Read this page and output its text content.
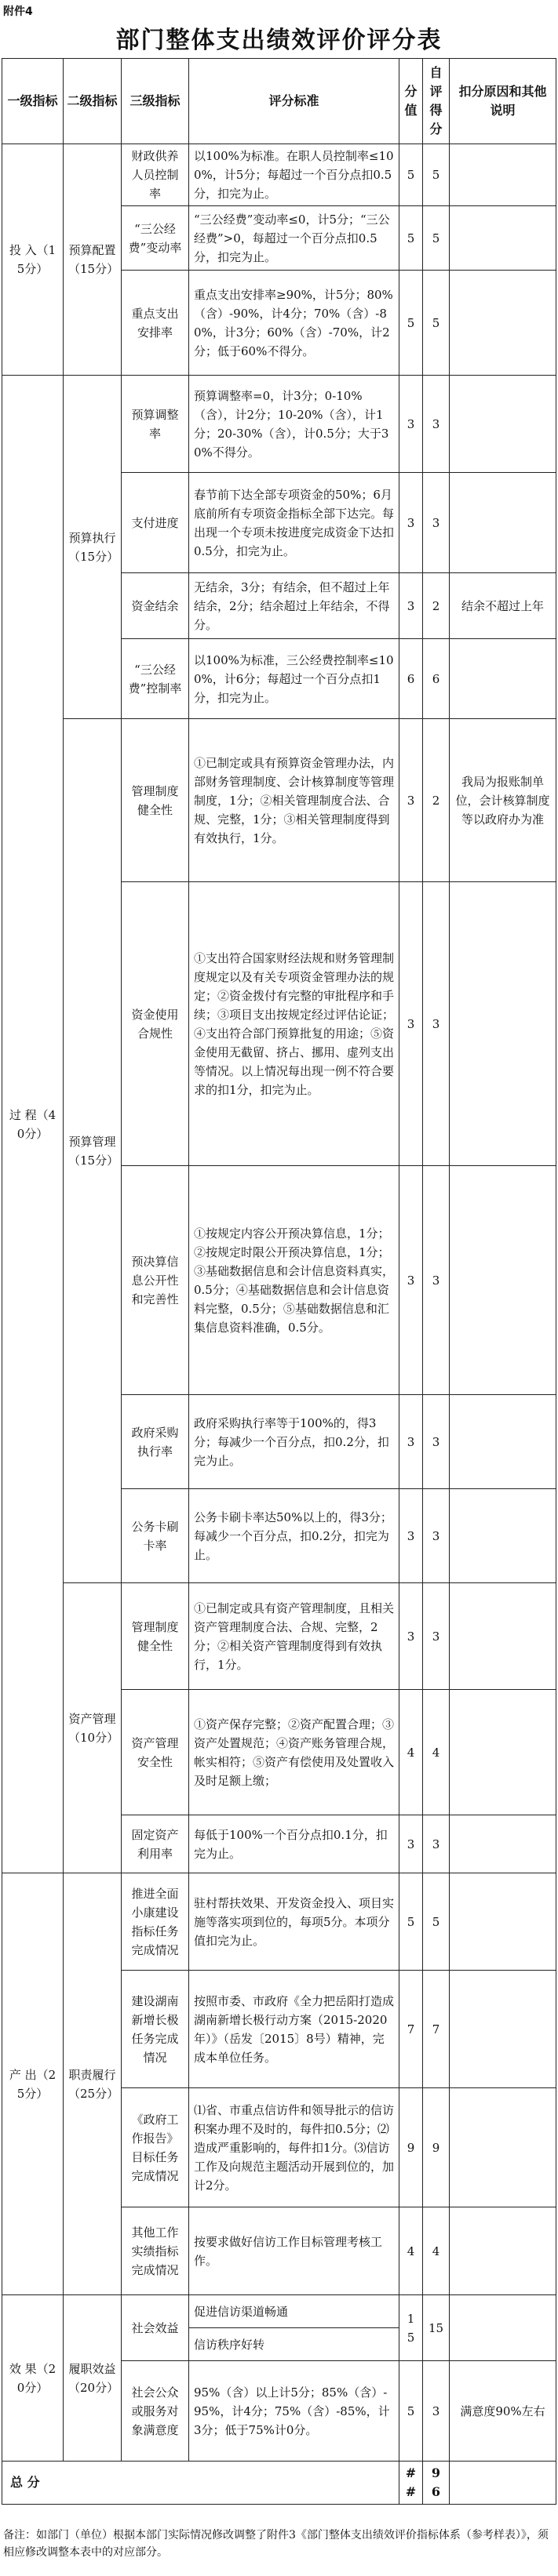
附件4
部门整体支出绩效评价评分表
一级指标	二级指标	三级指标	评分标准	分值	自评得分	扣分原因和其他说明
投 入（15分）	预算配置（15分）	财政供养人员控制率	以100%为标准。在职人员控制率≤100%，计5分；每超过一个百分点扣0.5分，扣完为止。	5	5	
		“三公经费”变动率	“三公经费”变动率≤0，计5分；“三公经费”>0，每超过一个百分点扣0.5分，扣完为止。	5	5	
		重点支出安排率	重点支出安排率≥90%，计5分；80%（含）-90%，计4分；70%（含）-80%，计3分；60%（含）-70%，计2分；低于60%不得分。	5	5	
过 程（40分）	预算执行（15分）	预算调整率	预算调整率=0，计3分；0-10%（含），计2分；10-20%（含），计1分；20-30%（含），计0.5分；大于30%不得分。	3	3	
		支付进度	春节前下达全部专项资金的50%；6月底前所有专项资金指标全部下达完。每出现一个专项未按进度完成资金下达扣0.5分，扣完为止。	3	3	
		资金结余	无结余，3分；有结余，但不超过上年结余，2分；结余超过上年结余，不得分。	3	2	结余不超过上年
		“三公经费”控制率	以100%为标准，三公经费控制率≤100%，计6分；每超过一个百分点扣1分，扣完为止。	6	6	
	预算管理（15分）	管理制度健全性	①已制定或具有预算资金管理办法，内部财务管理制度、会计核算制度等管理制度，1分；②相关管理制度合法、合规、完整，1分；③相关管理制度得到有效执行，1分。	3	2	我局为报账制单位，会计核算制度等以政府办为准
		资金使用合规性	①支出符合国家财经法规和财务管理制度规定以及有关专项资金管理办法的规定；②资金拨付有完整的审批程序和手续；③项目支出按规定经过评估论证；④支出符合部门预算批复的用途；⑤资金使用无截留、挤占、挪用、虚列支出等情况。以上情况每出现一例不符合要求的扣1分，扣完为止。	3	3	
		预决算信息公开性和完善性	①按规定内容公开预决算信息，1分；②按规定时限公开预决算信息，1分；③基础数据信息和会计信息资料真实，0.5分；④基础数据信息和会计信息资料完整，0.5分；⑤基础数据信息和汇集信息资料准确，0.5分。	3	3	
		政府采购执行率	政府采购执行率等于100%的，得3分；每减少一个百分点，扣0.2分，扣完为止。	3	3	
		公务卡刷卡率	公务卡刷卡率达50%以上的，得3分；每减少一个百分点，扣0.2分，扣完为止。	3	3	
	资产管理（10分）	管理制度健全性	①已制定或具有资产管理制度，且相关资产管理制度合法、合规、完整，2分；②相关资产管理制度得到有效执行，1分。	3	3	
		资产管理安全性	①资产保存完整；②资产配置合理；③资产处置规范；④资产账务管理合规，帐实相符；⑤资产有偿使用及处置收入及时足额上缴；	4	4	
		固定资产利用率	每低于100%一个百分点扣0.1分，扣完为止。	3	3	
产 出（25分）	职责履行（25分）	推进全面小康建设指标任务完成情况	驻村帮扶效果、开发资金投入、项目实施等落实项到位的，每项5分。本项分值扣完为止。	5	5	
		建设湖南新增长极任务完成情况	按照市委、市政府《全力把岳阳打造成湖南新增长极行动方案（2015-2020年）》（岳发〔2015〕8号）精神，完成本单位任务。	7	7	
		《政府工作报告》目标任务完成情况	⑴省、市重点信访件和领导批示的信访积案办理不及时的，每件扣0.5分；⑵造成严重影响的，每件扣1分。⑶信访工作及向规范主题活动开展到位的，加计2分。	9	9	
		其他工作实绩指标完成情况	按要求做好信访工作目标管理考核工作。	4	4	
效 果（20分）	履职效益（20分）	社会效益	促进信访渠道畅通	15	15	
			信访秩序好转			
		社会公众或服务对象满意度	95%（含）以上计5分；85%（含）-95%，计4分；75%（含）-85%，计3分；低于75%计0分。	5	3	满意度90%左右
总 分				##	96	
备注：如部门（单位）根据本部门实际情况修改调整了附件3《部门整体支出绩效评价指标体系（参考样表）》，须相应修改调整本表中的对应部分。
